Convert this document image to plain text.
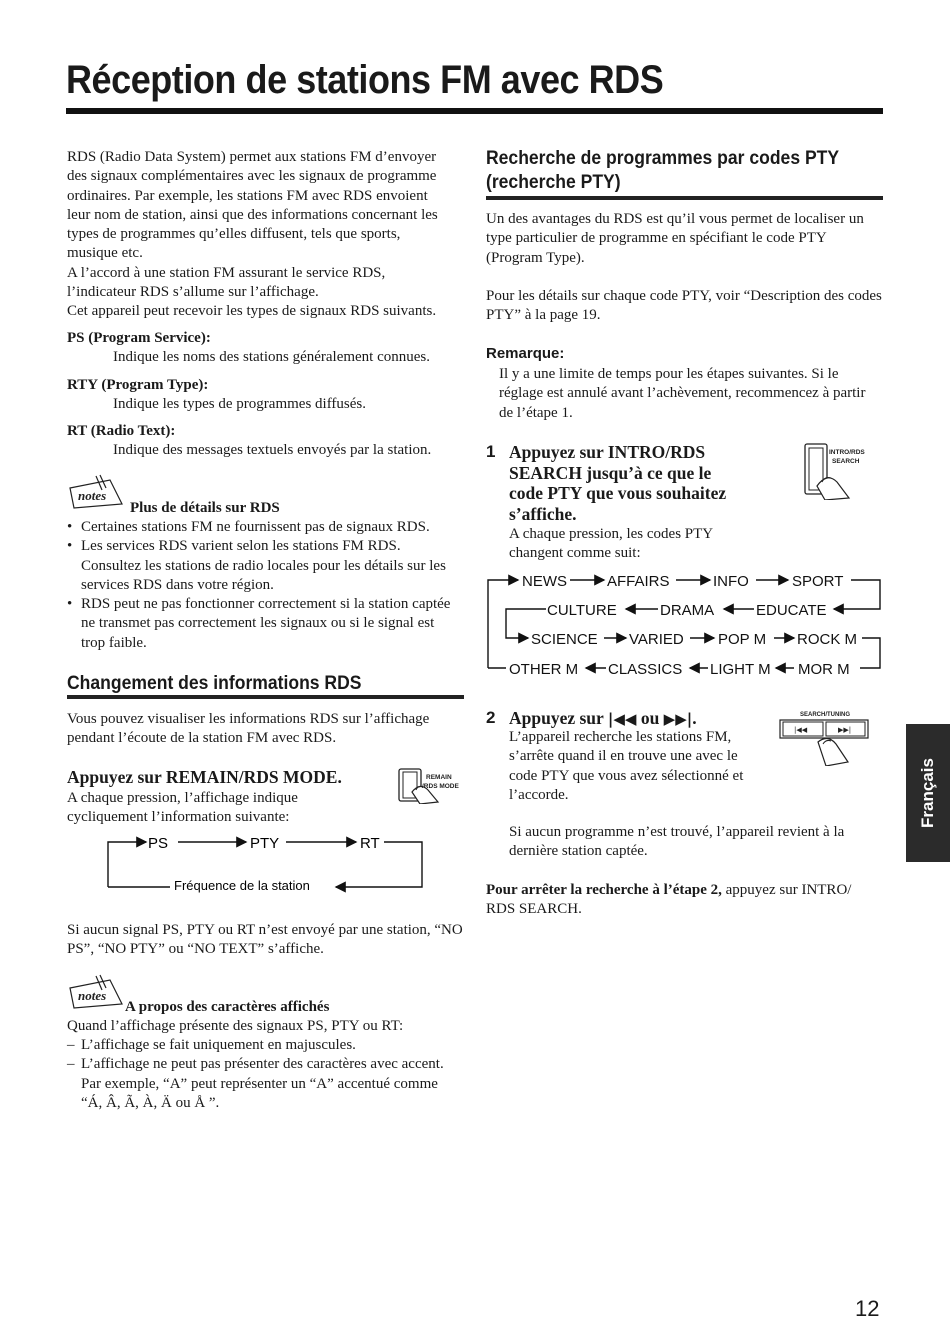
Réception de stations FM avec RDS
RDS (Radio Data System) permet aux stations FM d’envoyer
des signaux complémentaires avec les signaux de programme
ordinaires. Par exemple, les stations FM avec RDS envoient
leur nom de station, ainsi que des informations concernant les
types de programmes qu’elles diffusent, tels que sports,
musique etc.
A l’accord à une station FM assurant le service RDS,
l’indicateur RDS s’allume sur l’affichage.
Cet appareil peut recevoir les types de signaux RDS suivants.
PS (Program Service):
Indique les noms des stations généralement connues.
RTY (Program Type):
Indique les types de programmes diffusés.
RT (Radio Text):
Indique des messages textuels envoyés par la station.
notes
Plus de détails sur RDS
• Certaines stations FM ne fournissent pas de signaux RDS.
• Les services RDS varient selon les stations FM RDS. Consultez les stations de radio locales pour les détails sur les services RDS dans votre région.
• RDS peut ne pas fonctionner correctement si la station captée ne transmet pas correctement les signaux ou si le signal est trop faible.
Changement des informations RDS
Vous pouvez visualiser les informations RDS sur l’affichage pendant l’écoute de la station FM avec RDS.
Appuyez sur REMAIN/RDS MODE.
A chaque pression, l’affichage indique cycliquement l’information suivante:
REMAIN
/RDS MODE
PS	PTY	RT
Fréquence de la station
Si aucun signal PS, PTY ou RT n’est envoyé par une station, “NO PS”, “NO PTY” ou “NO TEXT” s’affiche.
notes
A propos des caractères affichés
Quand l’affichage présente des signaux PS, PTY ou RT:
– L’affichage se fait uniquement en majuscules.
– L’affichage ne peut pas présenter des caractères avec accent. Par exemple, “A” peut représenter un “A” accentué comme “Á, Â, Ã, À, Ä ou Å ”.
Recherche de programmes par codes PTY
(recherche PTY)
Un des avantages du RDS est qu’il vous permet de localiser un type particulier de programme en spécifiant le code PTY (Program Type).
Pour les détails sur chaque code PTY, voir “Description des codes PTY” à la page 19.
Remarque:
Il y a une limite de temps pour les étapes suivantes. Si le réglage est annulé avant l’achèvement, recommencez à partir de l’étape 1.
1 Appuyez sur INTRO/RDS SEARCH jusqu’à ce que le code PTY que vous souhaitez s’affiche.
A chaque pression, les codes PTY changent comme suit:
INTRO/RDS
SEARCH
NEWS	AFFAIRS	INFO	SPORT
CULTURE	DRAMA	EDUCATE
SCIENCE VARIED POP M ROCK M
OTHER M CLASSICS LIGHT M MOR M
2 Appuyez sur |◀◀ ou ▶▶|.
L’appareil recherche les stations FM, s’arrête quand il en trouve une avec le code PTY que vous avez sélectionné et l’accorde.
SEARCH/TUNING
|◀◀	▶▶|
Si aucun programme n’est trouvé, l’appareil revient à la dernière station captée.
Pour arrêter la recherche à l’étape 2, appuyez sur INTRO/ RDS SEARCH.
Français
12
